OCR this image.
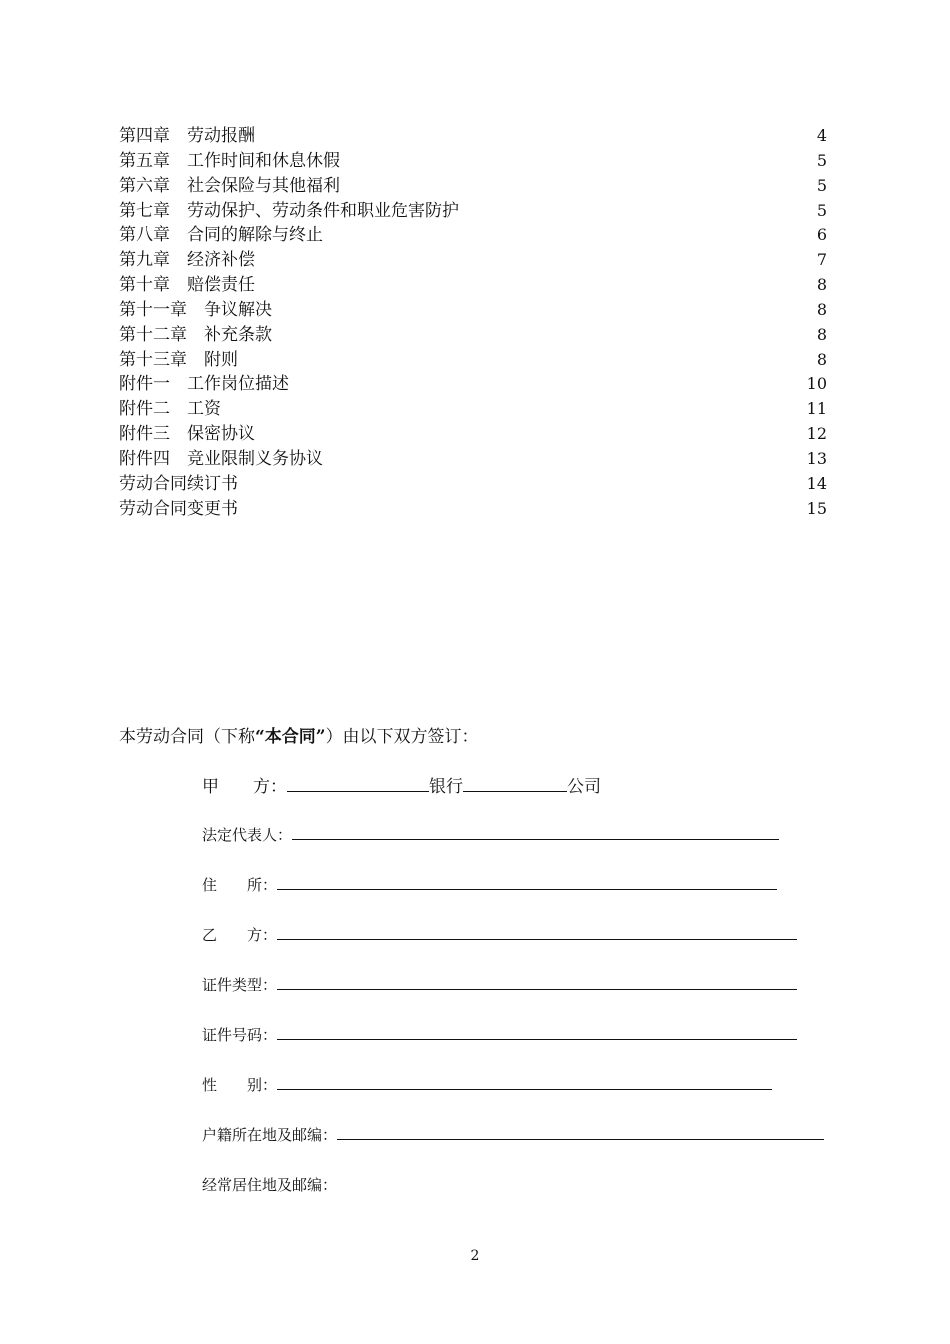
第四章　劳动报酬	4
第五章　工作时间和休息休假	5
第六章　社会保险与其他福利	5
第七章　劳动保护、劳动条件和职业危害防护	5
第八章　合同的解除与终止	6
第九章　经济补偿	7
第十章　赔偿责任	8
第十一章　争议解决	8
第十二章　补充条款	8
第十三章　附则	8
附件一　工作岗位描述	10
附件二　工资	11
附件三　保密协议	12
附件四　竞业限制义务协议	13
劳动合同续订书	14
劳动合同变更书	15
本劳动合同（下称“本合同”）由以下双方签订：
甲　　方：	银行	公司
法定代表人：
住　　所：
乙　　方：
证件类型：
证件号码：
性　　别：
户籍所在地及邮编：
经常居住地及邮编：
2
